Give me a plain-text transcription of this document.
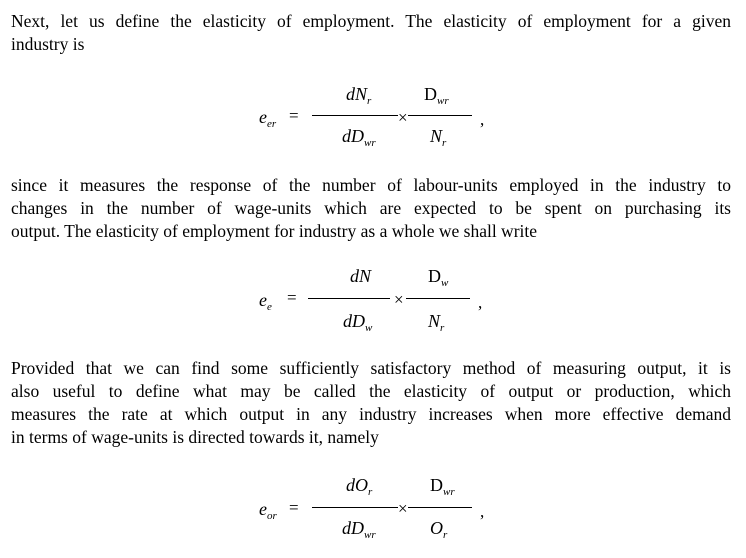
Next, let us define the elasticity of employment. The elasticity of employment for a given
industry is
$e_{er}$ =
$dN_r$
$dD_{wr}$
×
$D_{wr}$
$N_r$
,
since it measures the response of the number of labour-units employed in the industry to
changes in the number of wage-units which are expected to be spent on purchasing its
output. The elasticity of employment for industry as a whole we shall write
$e_e$ =
dN
$dD_w$
×
$D_w$
$N_r$
,
Provided that we can find some sufficiently satisfactory method of measuring output, it is
also useful to define what may be called the elasticity of output or production, which
measures the rate at which output in any industry increases when more effective demand
in terms of wage-units is directed towards it, namely
$e_{or}$ =
$dO_r$
$dD_{wr}$
×
$D_{wr}$
$O_r$
,
